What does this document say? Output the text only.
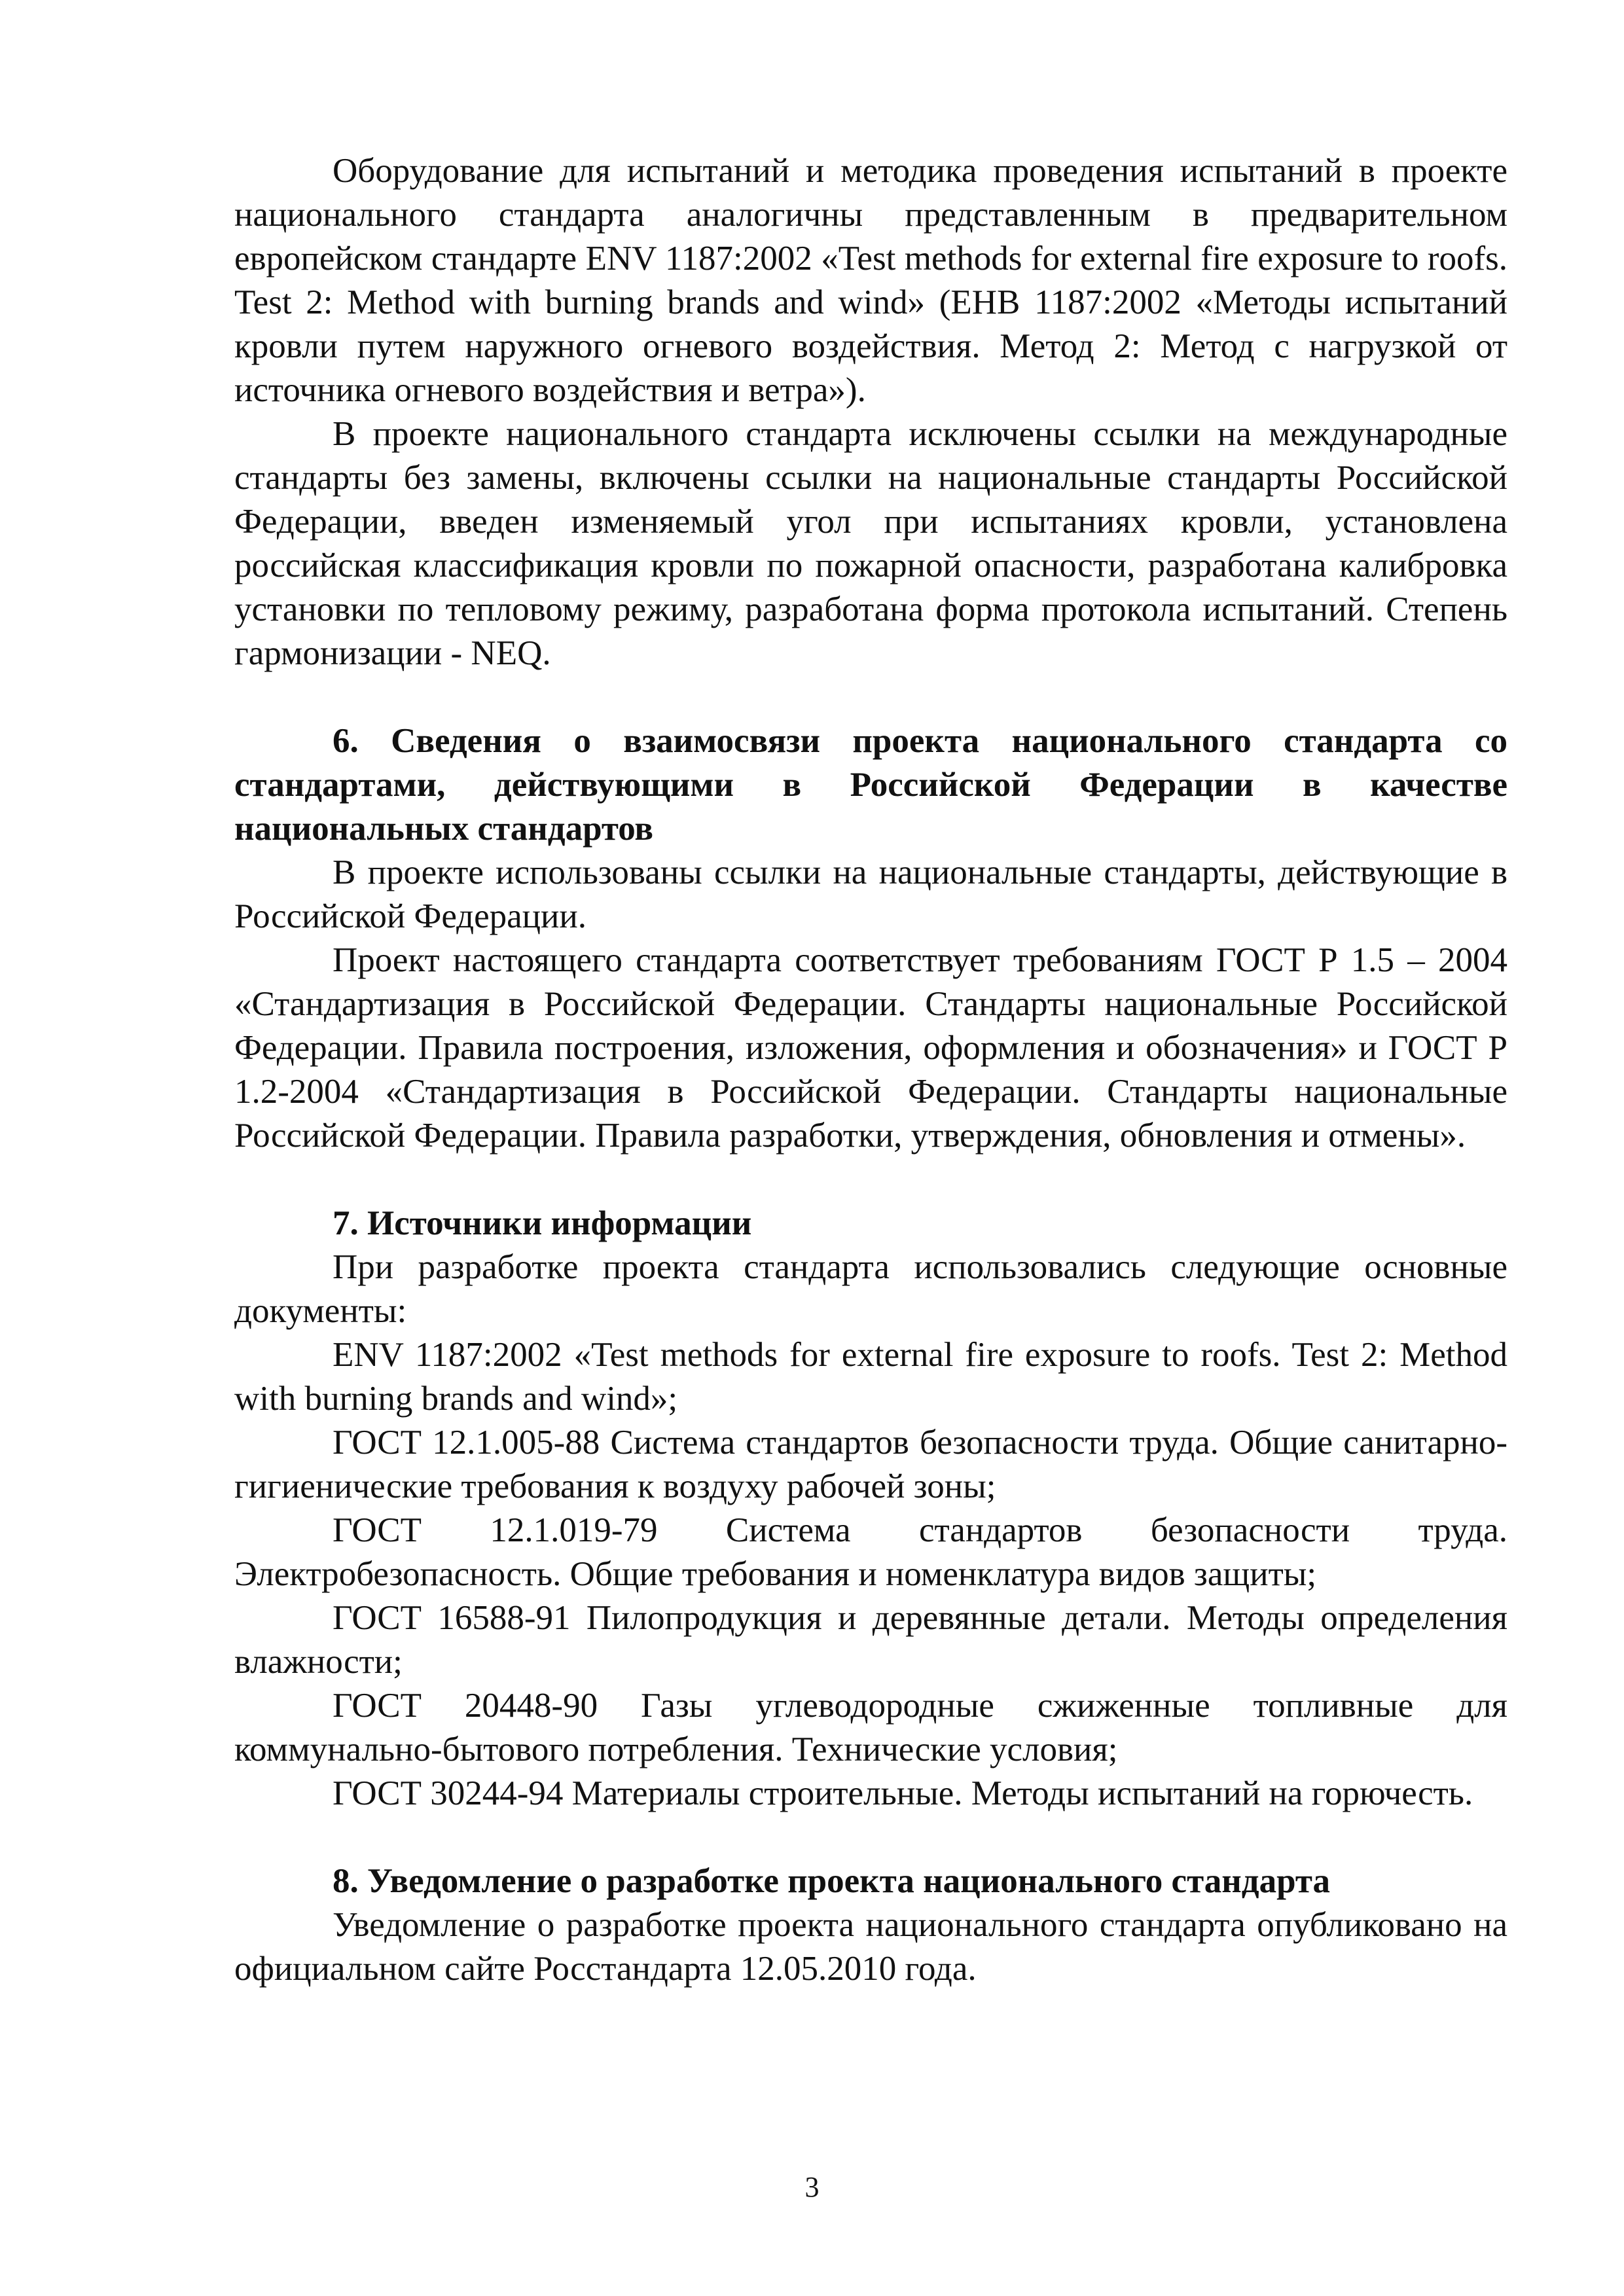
Оборудование для испытаний и методика проведения испытаний в проекте национального стандарта аналогичны представленным в предварительном европейском стандарте ENV 1187:2002 «Test methods for external fire exposure to roofs. Test 2: Method with burning brands and wind» (ЕНВ 1187:2002 «Методы испытаний кровли путем наружного огневого воздействия. Метод 2: Метод с нагрузкой от источника огневого воздействия и ветра»).

В проекте национального стандарта исключены ссылки на международные стандарты без замены, включены ссылки на национальные стандарты Российской Федерации, введен изменяемый угол при испытаниях кровли, установлена российская классификация кровли по пожарной опасности, разработана калибровка установки по тепловому режиму, разработана форма протокола испытаний. Степень гармонизации - NEQ.

6. Сведения о взаимосвязи проекта национального стандарта со стандартами, действующими в Российской Федерации в качестве национальных стандартов

В проекте использованы ссылки на национальные стандарты, действующие в Российской Федерации.

Проект настоящего стандарта соответствует требованиям ГОСТ Р 1.5 – 2004 «Стандартизация в Российской Федерации. Стандарты национальные Российской Федерации. Правила построения, изложения, оформления и обозначения» и ГОСТ Р 1.2-2004 «Стандартизация в Российской Федерации. Стандарты национальные Российской Федерации. Правила разработки, утверждения, обновления и отмены».

7. Источники информации

При разработке проекта стандарта использовались следующие основные документы:

ENV 1187:2002 «Test methods for external fire exposure to roofs. Test 2: Method with burning brands and wind»;

ГОСТ 12.1.005-88 Система стандартов безопасности труда. Общие санитарно-гигиенические требования к воздуху рабочей зоны;

ГОСТ 12.1.019-79 Система стандартов безопасности труда. Электробезопасность. Общие требования и номенклатура видов защиты;

ГОСТ 16588-91 Пилопродукция и деревянные детали. Методы определения влажности;

ГОСТ 20448-90 Газы углеводородные сжиженные топливные для коммунально-бытового потребления. Технические условия;

ГОСТ 30244-94 Материалы строительные. Методы испытаний на горючесть.

8. Уведомление о разработке проекта национального стандарта

Уведомление о разработке проекта национального стандарта опубликовано на официальном сайте Росстандарта 12.05.2010 года.

3
